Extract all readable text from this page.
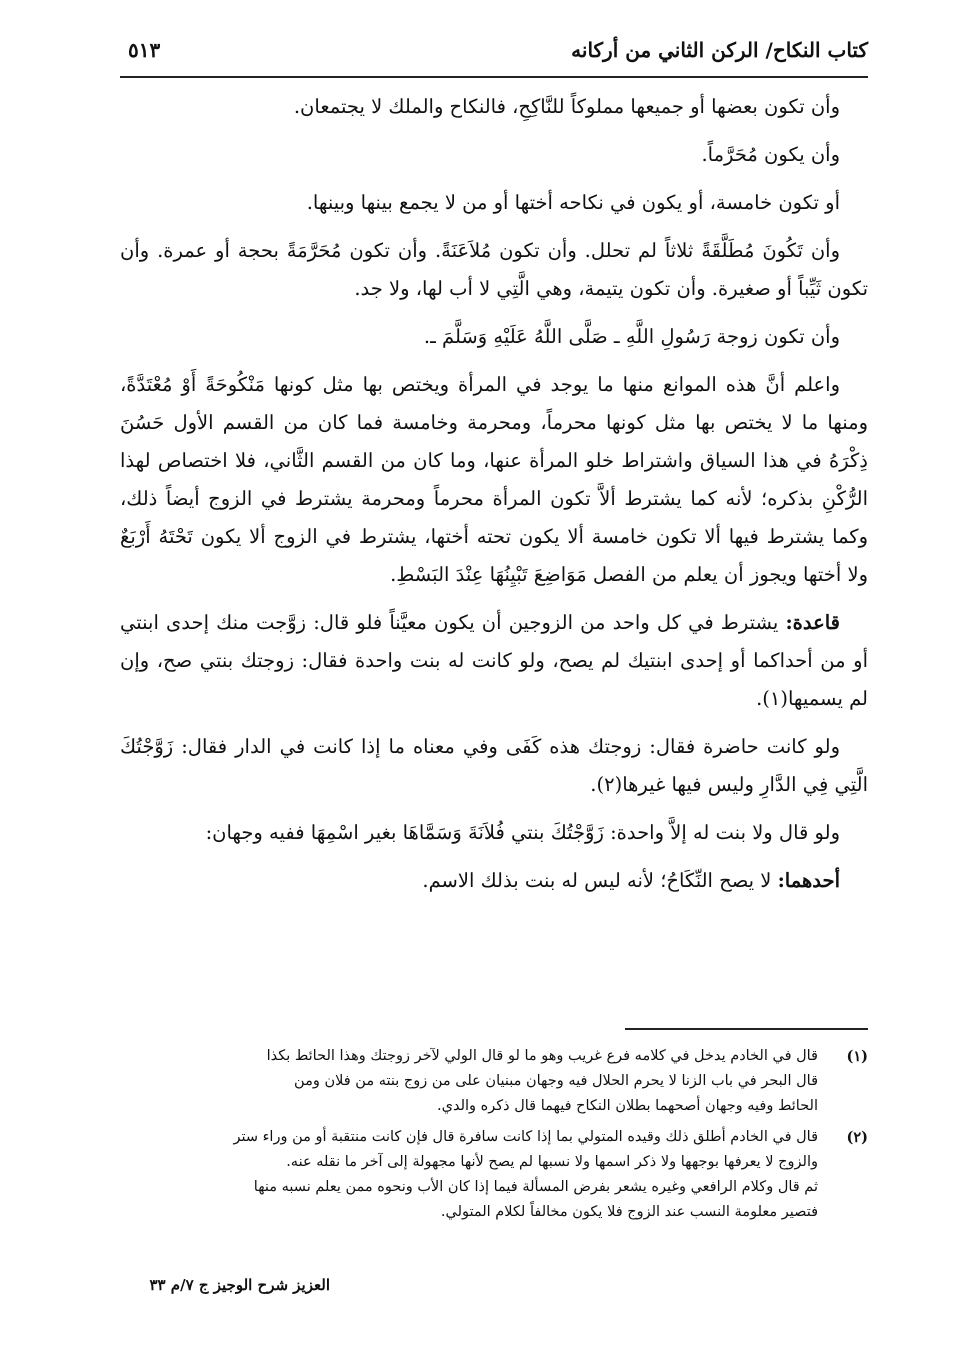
كتاب النكاح/ الركن الثاني من أركانه
٥١٣

وأن تكون بعضها أو جميعها مملوكاً للنَّاكِحِ، فالنكاح والملك لا يجتمعان.

وأن يكون مُحَرَّماً.

أو تكون خامسة، أو يكون في نكاحه أختها أو من لا يجمع بينها وبينها.

وأن تَكُونَ مُطَلَّقَةً ثلاثاً لم تحلل. وأن تكون مُلاَعَنَةً. وأن تكون مُحَرَّمَةً بحجة أو عمرة. وأن تكون ثَيِّباً أو صغيرة. وأن تكون يتيمة، وهي الَّتِي لا أب لها، ولا جد.

وأن تكون زوجة رَسُولِ اللَّهِ ـ صَلَّى اللَّهُ عَلَيْهِ وَسَلَّمَ ـ.

واعلم أنَّ هذه الموانع منها ما يوجد في المرأة ويختص بها مثل كونها مَنْكُوحَةً أَوْ مُعْتَدَّةً، ومنها ما لا يختص بها مثل كونها محرماً، ومحرمة وخامسة فما كان من القسم الأول حَسُنَ ذِكْرَهُ في هذا السياق واشتراط خلو المرأة عنها، وما كان من القسم الثَّاني، فلا اختصاص لهذا الرُّكْنِ بذكره؛ لأنه كما يشترط ألاَّ تكون المرأة محرماً ومحرمة يشترط في الزوج أيضاً ذلك، وكما يشترط فيها ألا تكون خامسة ألا يكون تحته أختها، يشترط في الزوج ألا يكون تَحْتَهُ أَرْبَعٌ ولا أختها ويجوز أن يعلم من الفصل مَوَاضِعَ تَبْيِنُهَا عِنْدَ البَسْطِ.

قاعدة: يشترط في كل واحد من الزوجين أن يكون معيَّناً فلو قال: زوَّجت منك إحدى ابنتي أو من أحداكما أو إحدى ابنتيك لم يصح، ولو كانت له بنت واحدة فقال: زوجتك بنتي صح، وإن لم يسميها(١).

ولو كانت حاضرة فقال: زوجتك هذه كَفَى وفي معناه ما إذا كانت في الدار فقال: زَوَّجْتُكَ الَّتِي فِي الدَّارِ وليس فيها غيرها(٢).

ولو قال ولا بنت له إلاَّ واحدة: زَوَّجْتُكَ بنتي فُلاَنَةَ وَسَمَّاهَا بغير اسْمِهَا ففيه وجهان:

أحدهما: لا يصح النِّكَاحُ؛ لأنه ليس له بنت بذلك الاسم.

(١)
قال في الخادم يدخل في كلامه فرع غريب وهو ما لو قال الولي لآخر زوجتك وهذا الحائط بكذا
قال البحر في باب الزنا لا يحرم الحلال فيه وجهان مبنيان على من زوج بنته من فلان ومن
الحائط وفيه وجهان أصحهما بطلان النكاح فيهما قال ذكره والدي.
(٢)
قال في الخادم أطلق ذلك وقيده المتولي بما إذا كانت سافرة قال فإن كانت منتقبة أو من وراء ستر
والزوج لا يعرفها بوجهها ولا ذكر اسمها ولا نسبها لم يصح لأنها مجهولة إلى آخر ما نقله عنه.
ثم قال وكلام الرافعي وغيره يشعر بفرض المسألة فيما إذا كان الأب ونحوه ممن يعلم نسبه منها
فتصير معلومة النسب عند الزوج فلا يكون مخالفاً لكلام المتولي.
العزيز شرح الوجيز ج ٧/م ٣٣
